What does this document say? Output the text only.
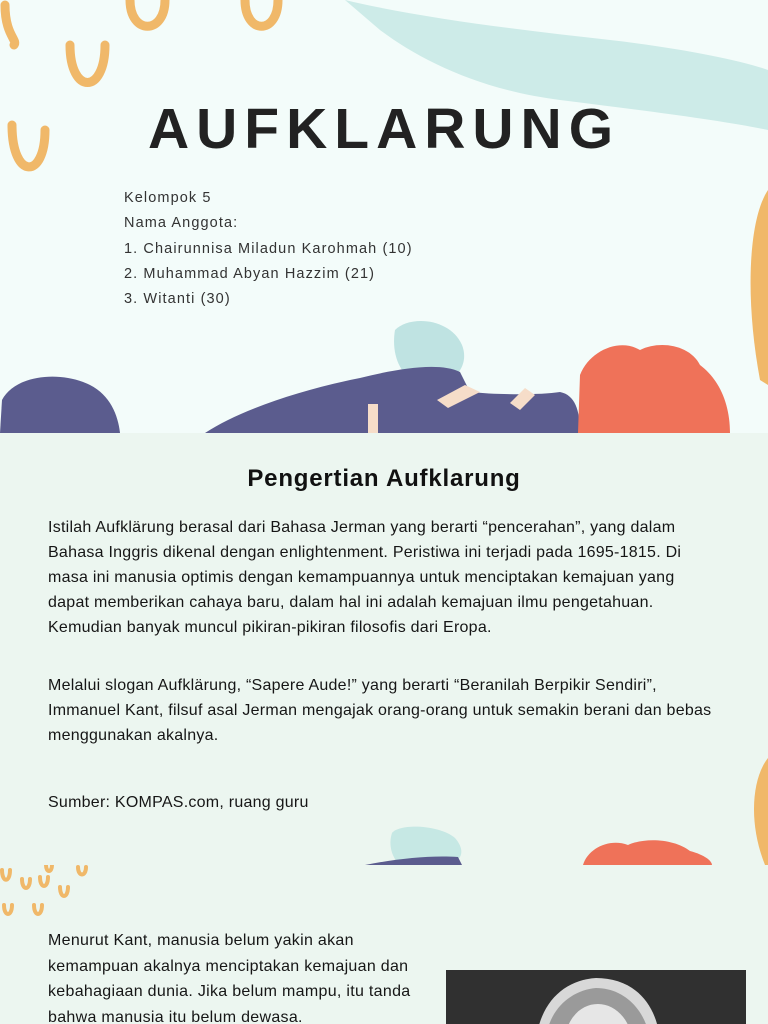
AUFKLARUNG
Kelompok 5
Nama Anggota:
1. Chairunnisa Miladun Karohmah (10)
2. Muhammad Abyan Hazzim (21)
3. Witanti (30)
Pengertian Aufklarung

Istilah Aufklärung berasal dari Bahasa Jerman yang berarti “pencerahan”, yang dalam Bahasa Inggris dikenal dengan enlightenment. Peristiwa ini terjadi pada 1695-1815. Di masa ini manusia optimis dengan kemampuannya untuk menciptakan kemajuan yang dapat memberikan cahaya baru, dalam hal ini adalah kemajuan ilmu pengetahuan. Kemudian banyak muncul pikiran-pikiran filosofis dari Eropa.

Melalui slogan Aufklärung, “Sapere Aude!” yang berarti “Beranilah Berpikir Sendiri”, Immanuel Kant, filsuf asal Jerman mengajak orang-orang untuk semakin berani dan bebas menggunakan akalnya.

Sumber: KOMPAS.com, ruang guru

Menurut Kant, manusia belum yakin akan kemampuan akalnya menciptakan kemajuan dan kebahagiaan dunia. Jika belum mampu, itu tanda bahwa manusia itu belum dewasa.
